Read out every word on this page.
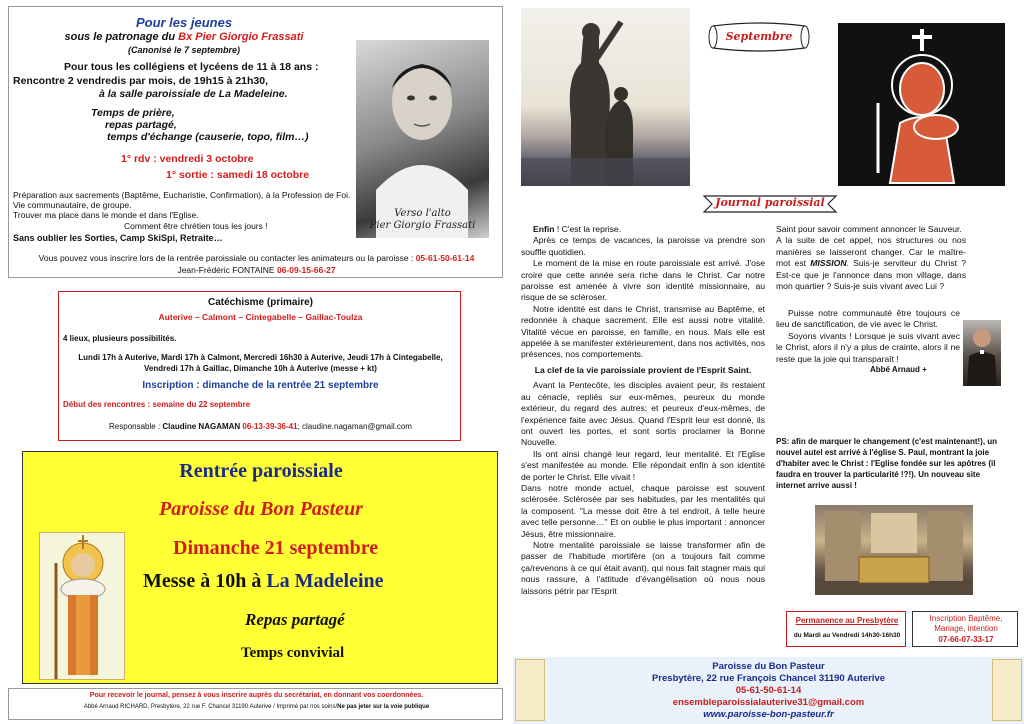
Pour les jeunes
sous le patronage du Bx Pier Giorgio Frassati
(Canonisé le 7 septembre)
Pour tous les collégiens et lycéens de 11 à 18 ans :
Rencontre 2 vendredis par mois, de 19h15 à 21h30,
à la salle paroissiale de La Madeleine.
Temps de prière,
repas partagé,
temps d'échange (causerie, topo, film…)
1° rdv : vendredi 3 octobre
1° sortie : samedi 18 octobre
Préparation aux sacrements (Baptême, Eucharistie, Confirmation), à la Profession de Foi.
Vie communautaire, de groupe.
Trouver ma place dans le monde et dans l'Eglise.
Comment être chrétien tous les jours !
Sans oublier les Sorties, Camp SkiSpi, Retraite…
Vous pouvez vous inscrire lors de la rentrée paroissiale ou contacter les animateurs ou la paroisse : 05-61-50-61-14
Jean-Frédéric FONTAINE 06-09-15-66-27
Verso l'alto
Pier Giorgio Frassati
Catéchisme (primaire)
Auterive – Calmont – Cintegabelle – Gaillac-Toulza
4 lieux, plusieurs possibilités.
Lundi 17h à Auterive, Mardi 17h à Calmont, Mercredi 16h30 à Auterive, Jeudi 17h à Cintegabelle,
Vendredi 17h à Gaillac, Dimanche 10h à Auterive (messe + kt)
Inscription : dimanche de la rentrée 21 septembre
Début des rencontres : semaine du 22 septembre
Responsable : Claudine NAGAMAN 06-13-39-36-41; claudine.nagaman@gmail.com
Rentrée paroissiale
Paroisse du Bon Pasteur
Dimanche 21 septembre
Messe à 10h à La Madeleine
Repas partagé
Temps convivial
Pour recevoir le journal, pensez à vous inscrire auprès du secrétariat, en donnant vos coordonnées.
Abbé Arnaud RICHARD, Presbytère, 22 rue F. Chancel 31190 Auterive / Imprimé par nos soins/Ne pas jeter sur la voie publique
Septembre
Journal paroissial

Enfin ! C'est la reprise.

Après ce temps de vacances, la paroisse va prendre son souffle quotidien.

Le moment de la mise en route paroissiale est arrivé. J'ose croire que cette année sera riche dans le Christ. Car notre paroisse est amenée à vivre son identité missionnaire, au risque de se scléroser.

Notre identité est dans le Christ, transmise au Baptême, et redonnée à chaque sacrement. Elle est aussi notre vitalité. Vitalité vécue en paroisse, en famille, en nous. Mais elle est appelée à se manifester extérieurement, dans nos activités, nos présences, nos comportements.

La clef de la vie paroissiale provient de l'Esprit Saint.

Avant la Pentecôte, les disciples avaient peur, ils restaient au cénacle, repliés sur eux-mêmes, peureux du monde extérieur, du regard des autres; et peureux d'eux-mêmes, de l'expérience faite avec Jésus. Quand l'Esprit leur est donné, ils ont ouvert les portes, et sont sortis proclamer la Bonne Nouvelle.

Ils ont ainsi changé leur regard, leur mentalité. Et l'Eglise s'est manifestée au monde. Elle répondait enfin à son identité de porter le Christ. Elle vivait !

Dans notre monde actuel, chaque paroisse est souvent sclérosée. Sclérosée par ses habitudes, par les mentalités qui la composent. ''La messe doit être à tel endroit, à telle heure avec telle personne…'' Et on oublie le plus important : annoncer Jésus, être missionnaire.

Notre mentalité paroissiale se laisse transformer afin de passer de l'habitude mortifère (on a toujours fait comme ça/revenons à ce qui était avant), qui nous fait stagner mais qui nous rassure, à l'attitude d'évangélisation où nous nous laissons pétrir par l'Esprit

Saint pour savoir comment annoncer le Sauveur.

A la suite de cet appel, nos structures ou nos manières se laisseront changer. Car le maître-mot est MISSION. Suis-je serviteur du Christ ? Est-ce que je l'annonce dans mon village, dans mon quartier ? Suis-je suis vivant avec Lui ?

Puisse notre communauté être toujours ce lieu de sanctification, de vie avec le Christ.

Soyons vivants ! Lorsque je suis vivant avec le Christ, alors il n'y a plus de crainte, alors il ne reste que la joie qui transparaît !

Abbé Arnaud +
PS: afin de marquer le changement (c'est maintenant!), un nouvel autel est arrivé à l'église S. Paul, montrant la joie d'habiter avec le Christ : l'Eglise fondée sur les apôtres (il faudra en trouver la particularité !?!). Un nouveau site internet arrive aussi !
Permanence au Presbytère
du Mardi au Vendredi 14h30-16h30
Inscription Baptême, Mariage, intention
07-66-07-33-17
Paroisse du Bon Pasteur
Presbytère, 22 rue François Chancel 31190 Auterive
05-61-50-61-14
ensembleparoissialauterive31@gmail.com
www.paroisse-bon-pasteur.fr
